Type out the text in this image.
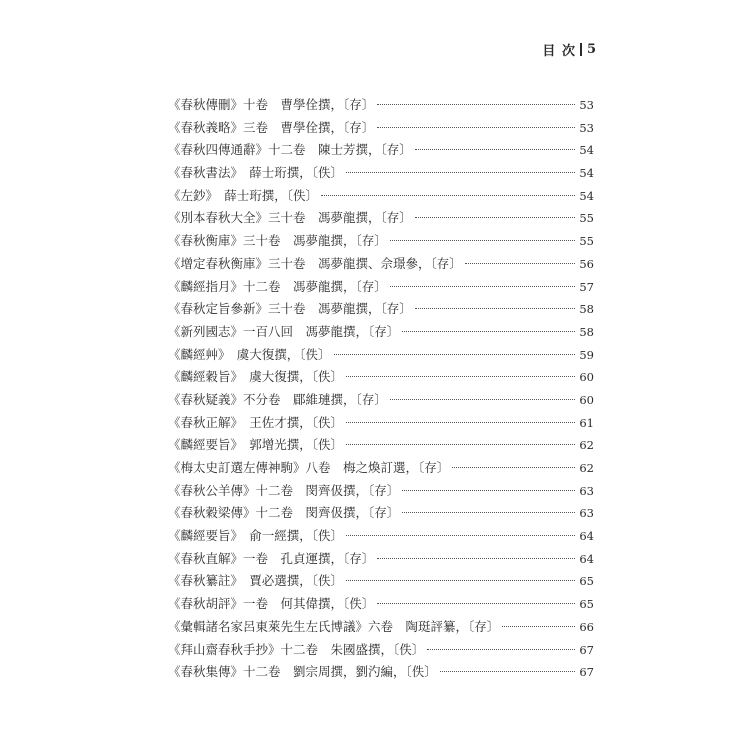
目 次 5
《春秋傳刪》十卷　曹學佺撰，〔存〕	53
《春秋義略》三卷　曹學佺撰，〔存〕	53
《春秋四傳通辭》十二卷　陳士芳撰，〔存〕	54
《春秋書法》　薛士珩撰，〔佚〕	54
《左鈔》　薛士珩撰，〔佚〕	54
《別本春秋大全》三十卷　馮夢龍撰，〔存〕	55
《春秋衡庫》三十卷　馮夢龍撰，〔存〕	55
《增定春秋衡庫》三十卷　馮夢龍撰、佘璟參，〔存〕	56
《麟經指月》十二卷　馮夢龍撰，〔存〕	57
《春秋定旨參新》三十卷　馮夢龍撰，〔存〕	58
《新列國志》一百八回　馮夢龍撰，〔存〕	58
《麟經艸》　虞大復撰，〔佚〕	59
《麟經穀旨》　虞大復撰，〔佚〕	60
《春秋疑義》不分卷　郿維璉撰，〔存〕	60
《春秋正解》　王佐才撰，〔佚〕	61
《麟經要旨》　郭增光撰，〔佚〕	62
《梅太史訂選左傳神駒》八卷　梅之煥訂選，〔存〕	62
《春秋公羊傳》十二卷　閔齊伋撰，〔存〕	63
《春秋穀梁傳》十二卷　閔齊伋撰，〔存〕	63
《麟經要旨》　俞一經撰，〔佚〕	64
《春秋直解》一卷　孔貞運撰，〔存〕	64
《春秋纂註》　賈必選撰，〔佚〕	65
《春秋胡評》一卷　何其偉撰，〔佚〕	65
《彙輯諸名家呂東萊先生左氏博議》六卷　陶珽評纂，〔存〕	66
《拜山齋春秋手抄》十二卷　朱國盛撰，〔佚〕	67
《春秋集傳》十二卷　劉宗周撰，劉汋編，〔佚〕	67
